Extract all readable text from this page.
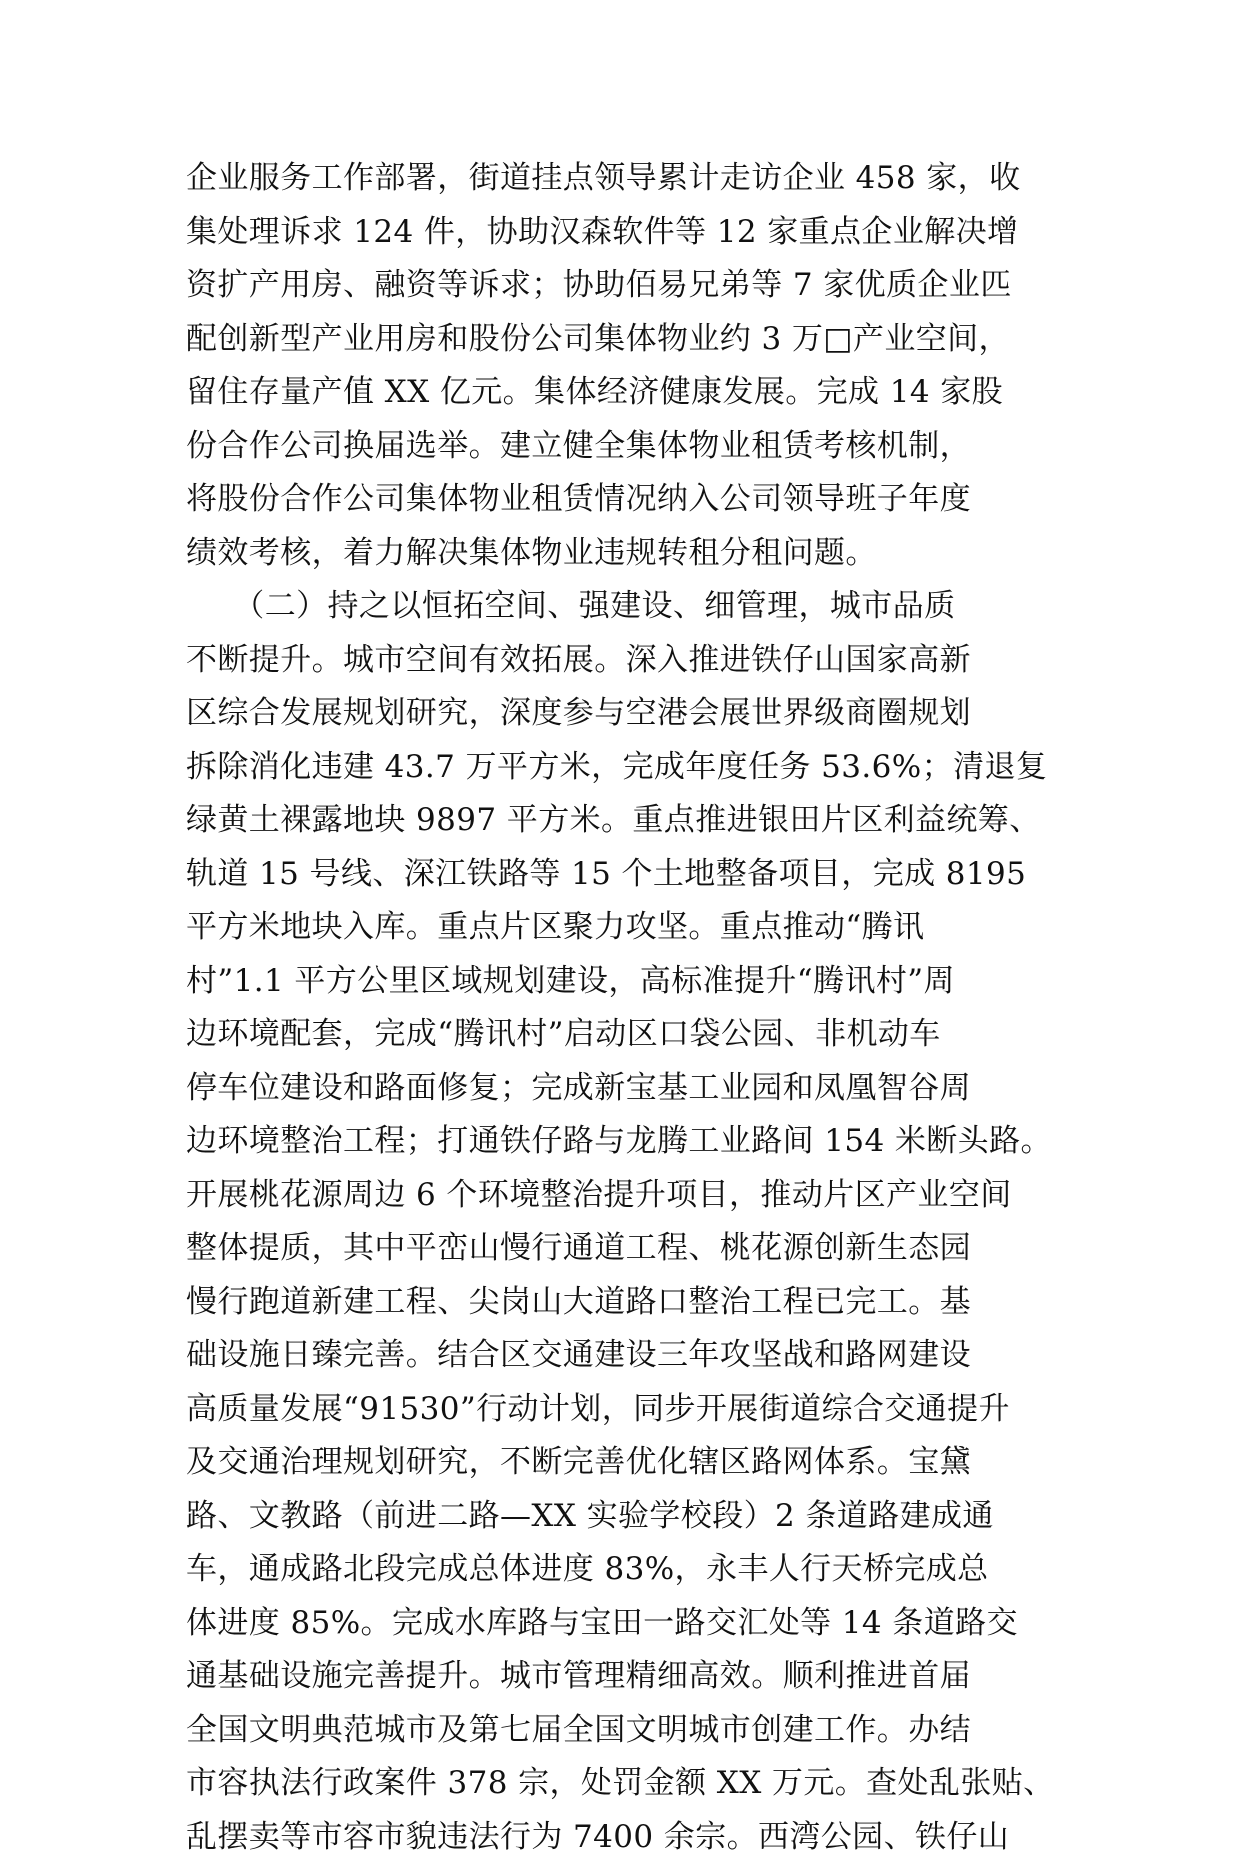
企业服务工作部署，街道挂点领导累计走访企业 458 家，收
集处理诉求 124 件，协助汉森软件等 12 家重点企业解决增
资扩产用房、融资等诉求；协助佰易兄弟等 7 家优质企业匹
配创新型产业用房和股份公司集体物业约 3 万□产业空间，
留住存量产值 XX 亿元。集体经济健康发展。完成 14 家股
份合作公司换届选举。建立健全集体物业租赁考核机制，
将股份合作公司集体物业租赁情况纳入公司领导班子年度
绩效考核，着力解决集体物业违规转租分租问题。
　　（二）持之以恒拓空间、强建设、细管理，城市品质
不断提升。城市空间有效拓展。深入推进铁仔山国家高新
区综合发展规划研究，深度参与空港会展世界级商圈规划
拆除消化违建 43.7 万平方米，完成年度任务 53.6%；清退复
绿黄土裸露地块 9897 平方米。重点推进银田片区利益统筹、
轨道 15 号线、深江铁路等 15 个土地整备项目，完成 8195
平方米地块入库。重点片区聚力攻坚。重点推动“腾讯
村”1.1 平方公里区域规划建设，高标准提升“腾讯村”周
边环境配套，完成“腾讯村”启动区口袋公园、非机动车
停车位建设和路面修复；完成新宝基工业园和凤凰智谷周
边环境整治工程；打通铁仔路与龙腾工业路间 154 米断头路。
开展桃花源周边 6 个环境整治提升项目，推动片区产业空间
整体提质，其中平峦山慢行通道工程、桃花源创新生态园
慢行跑道新建工程、尖岗山大道路口整治工程已完工。基
础设施日臻完善。结合区交通建设三年攻坚战和路网建设
高质量发展“91530”行动计划，同步开展街道综合交通提升
及交通治理规划研究，不断完善优化辖区路网体系。宝黛
路、文教路（前进二路—XX 实验学校段）2 条道路建成通
车，通成路北段完成总体进度 83%，永丰人行天桥完成总
体进度 85%。完成水库路与宝田一路交汇处等 14 条道路交
通基础设施完善提升。城市管理精细高效。顺利推进首届
全国文明典范城市及第七届全国文明城市创建工作。办结
市容执法行政案件 378 宗，处罚金额 XX 万元。查处乱张贴、
乱摆卖等市容市貌违法行为 7400 余宗。西湾公园、铁仔山
